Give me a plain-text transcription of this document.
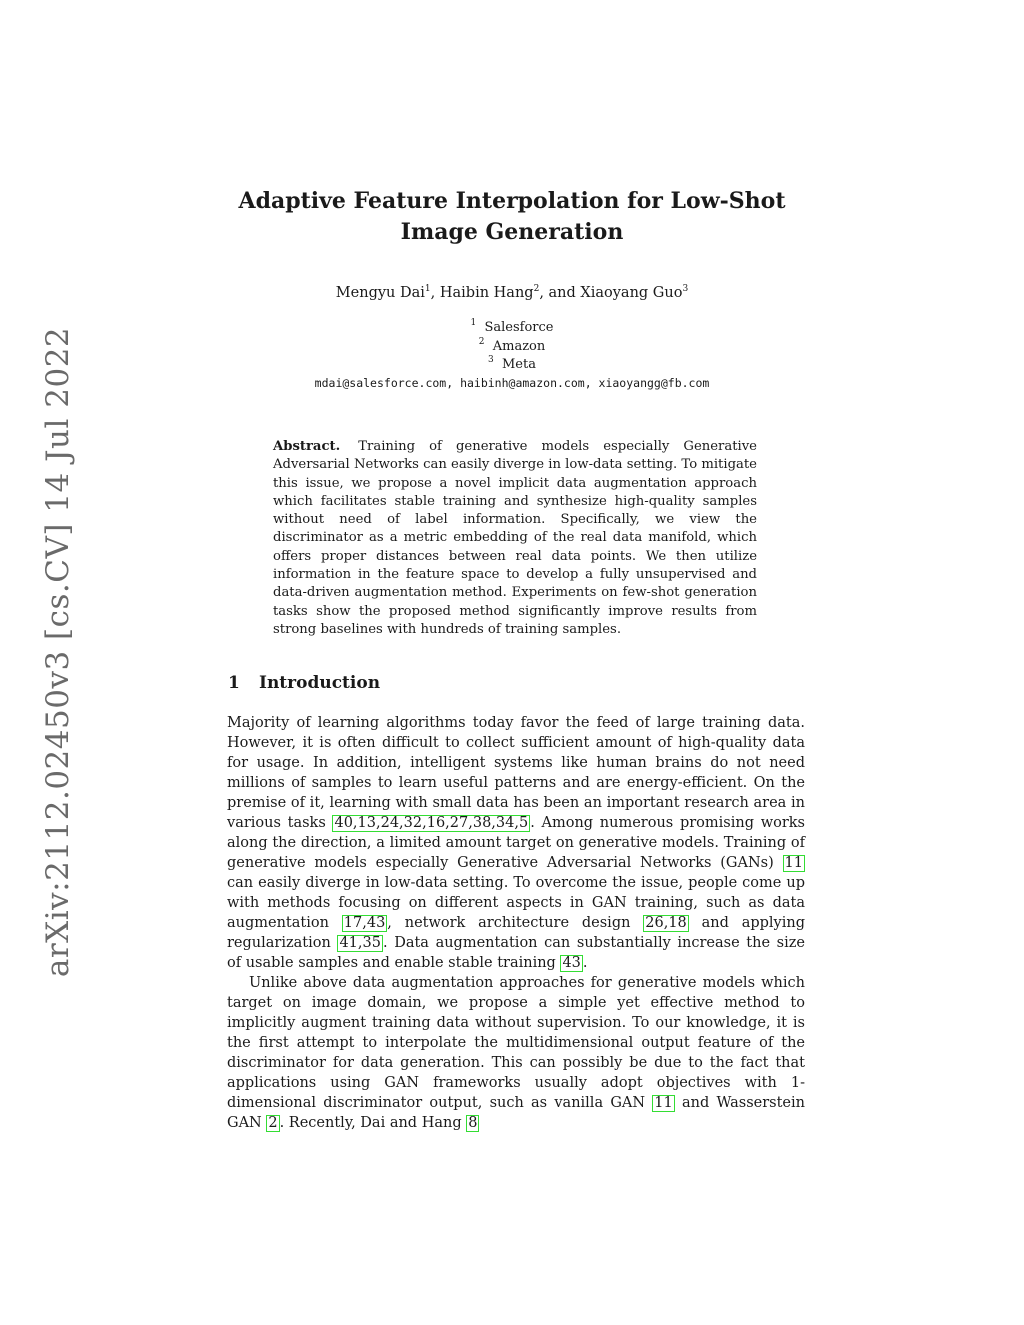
arXiv:2112.02450v3 [cs.CV] 14 Jul 2022
Adaptive Feature Interpolation for Low-Shot
Image Generation
Mengyu Dai$^1$, Haibin Hang$^2$, and Xiaoyang Guo$^3$
$^1$ Salesforce
$^2$ Amazon
$^3$ Meta
mdai@salesforce.com, haibinh@amazon.com, xiaoyangg@fb.com
Abstract. Training of generative models especially Generative Adversarial Networks can easily diverge in low-data setting. To mitigate this issue, we propose a novel implicit data augmentation approach which facilitates stable training and synthesize high-quality samples without need of label information. Specifically, we view the discriminator as a metric embedding of the real data manifold, which offers proper distances between real data points. We then utilize information in the feature space to develop a fully unsupervised and data-driven augmentation method. Experiments on few-shot generation tasks show the proposed method significantly improve results from strong baselines with hundreds of training samples.
1 Introduction
Majority of learning algorithms today favor the feed of large training data. However, it is often difficult to collect sufficient amount of high-quality data for usage. In addition, intelligent systems like human brains do not need millions of samples to learn useful patterns and are energy-efficient. On the premise of it, learning with small data has been an important research area in various tasks 40,13,24,32,16,27,38,34,5 . Among numerous promising works along the direction, a limited amount target on generative models. Training of generative models especially Generative Adversarial Networks (GANs) 11 can easily diverge in low-data setting. To overcome the issue, people come up with methods focusing on different aspects in GAN training, such as data augmentation 17,43 , network architecture design 26,18 and applying regularization 41,35 . Data augmentation can substantially increase the size of usable samples and enable stable training 43 .
Unlike above data augmentation approaches for generative models which target on image domain, we propose a simple yet effective method to implicitly augment training data without supervision. To our knowledge, it is the first attempt to interpolate the multidimensional output feature of the discriminator for data generation. This can possibly be due to the fact that applications using GAN frameworks usually adopt objectives with 1-dimensional discriminator output, such as vanilla GAN 11 and Wasserstein GAN 2 . Recently, Dai and Hang 8
